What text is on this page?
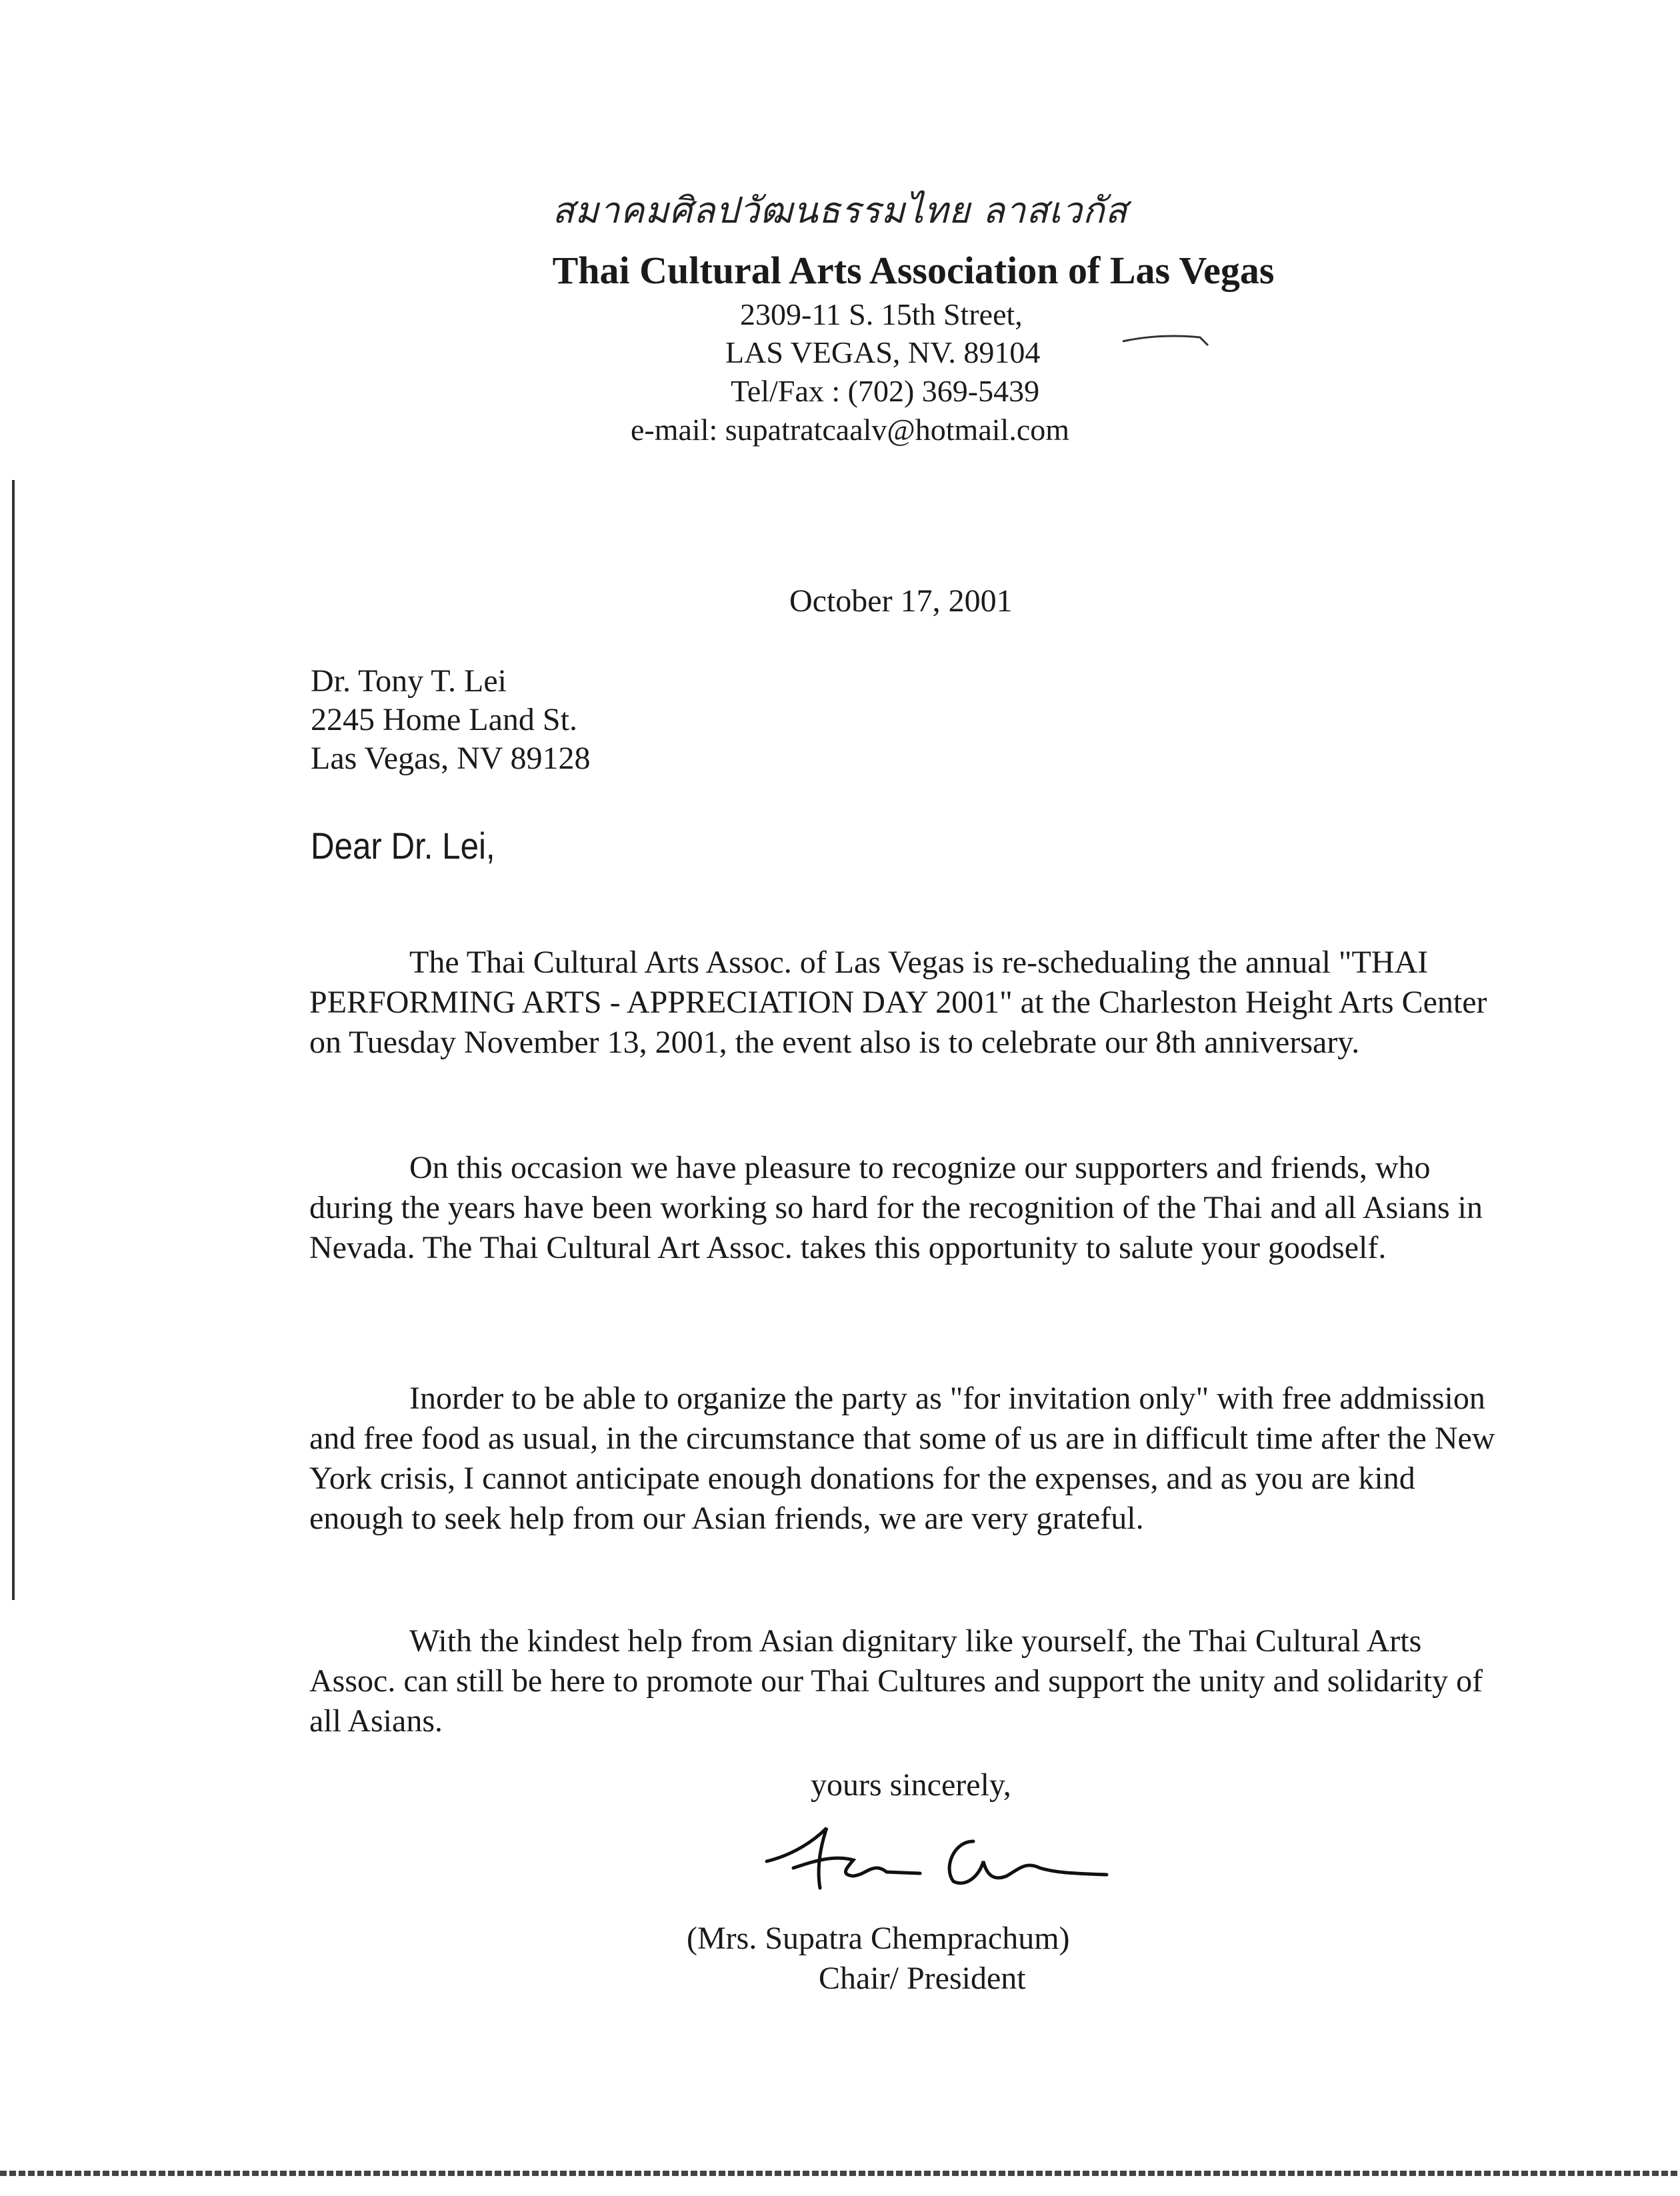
สมาคมศิลปวัฒนธรรมไทย ลาสเวกัส
Thai Cultural Arts Association of Las Vegas
2309-11 S. 15th Street,
LAS VEGAS, NV. 89104
Tel/Fax : (702) 369-5439
e-mail: supatratcaalv@hotmail.com
October 17, 2001
Dr. Tony T. Lei
2245 Home Land St.
Las Vegas, NV 89128
Dear Dr. Lei,
The Thai Cultural Arts Assoc. of Las Vegas is re-schedualing the annual "THAI PERFORMING ARTS - APPRECIATION DAY 2001" at the Charleston Height Arts Center on Tuesday November 13, 2001, the event also is to celebrate our 8th anniversary.
On this occasion we have pleasure to recognize our supporters and friends, who during the years have been working so hard for the recognition of the Thai and all Asians in Nevada. The Thai Cultural Art Assoc. takes this opportunity to salute your goodself.
Inorder to be able to organize the party as "for invitation only" with free addmission and free food as usual, in the circumstance that some of us are in difficult time after the New York crisis, I cannot anticipate enough donations for the expenses, and as you are kind enough to seek help from our Asian friends, we are very grateful.
With the kindest help from Asian dignitary like yourself, the Thai Cultural Arts Assoc. can still be here to promote our Thai Cultures and support the unity and solidarity of all Asians.
yours sincerely,
(Mrs. Supatra Chemprachum)
Chair/ President
